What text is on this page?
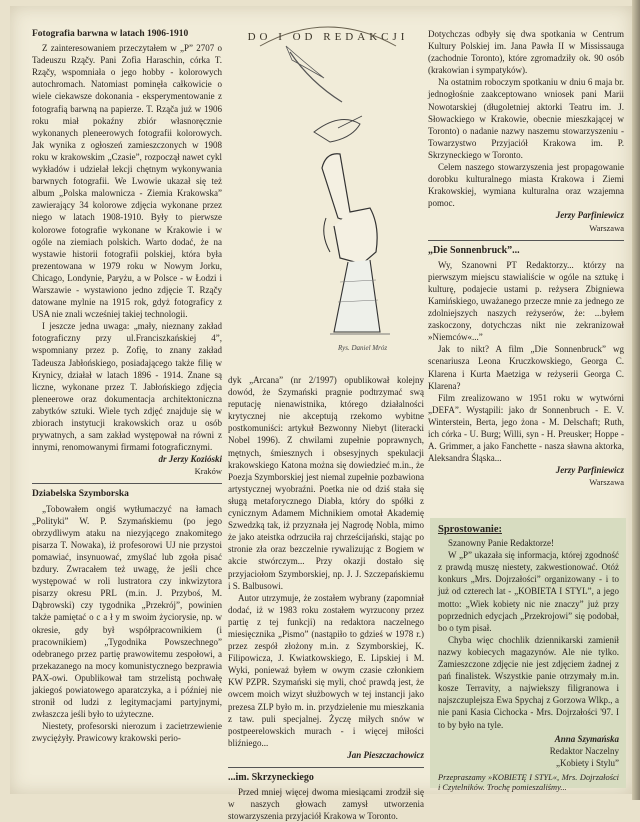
DO I OD REDAKCJI
Rys. Daniel Mróz
Fotografia barwna w latach 1906-1910

Z zainteresowaniem przeczytałem w „P” 2707 o Tadeuszu Rząčy. Pani Zofia Haraschin, córka T. Rząčy, wspomniała o jego hobby - kolorowych autochromach. Natomiast pominęła całkowicie o wiele ciekawsze dokonania - eksperymentowanie z fotografią barwną na papierze. T. Rząča już w 1906 roku miał pokaźny zbiór własnoręcznie wykonanych pleneerowych fotografii kolorowych. Jak wynika z ogłoszeń zamieszczonych w 1908 roku w krakowskim „Czasie”, rozpoczął nawet cykl wykładów i udzielał lekcji chętnym wykonywania barwnych fotografii. We Lwowie ukazał się też album „Polska malownicza - Ziemia Krakowska” zawierający 34 kolorowe zdjęcia wykonane przez niego w latach 1908-1910. Były to pierwsze kolorowe fotografie wykonane w Krakowie i w ogóle na ziemiach polskich. Warto dodać, że na wystawie historii fotografii polskiej, która była prezentowana w 1979 roku w Nowym Jorku, Chicago, Londynie, Paryżu, a w Polsce - w Łodzi i Warszawie - wystawiono jedno zdjęcie T. Rząčy datowane mylnie na 1915 rok, gdyż fotograficy z USA nie znali wcześniej takiej technologii.

I jeszcze jedna uwaga: „mały, nieznany zakład fotograficzny przy ul.Franciszkańskiej 4”, wspomniany przez p. Zofię, to znany zakład Tadeusza Jabłońskiego, posiadającego także filię w Krynicy, działał w latach 1896 - 1914. Znane są liczne, wykonane przez T. Jabłońskiego zdjęcia pleneerowe oraz dokumentacja architektoniczna zabytków sztuki. Wiele tych zdjęć znajduje się w zbiorach instytucji krakowskich oraz u osób prywatnych, a sam zakład występował na równi z innymi, renomowanymi firmami fotograficznymi.

dr Jerzy Kozióski
Kraków
Dziabelska Szymborska

„Tobowałem ongiś wytłumaczyć na łamach „Polityki” W. P. Szymańskiemu (po jego obrzydliwym ataku na niezyjącego znakomitego pisarza T. Nowaka), iż profesorowi UJ nie przystoi pomawiać, insynuować, zmyślać lub zgoła pisać bzdury. Zwracałem też uwagę, że jeśli chce występować w roli lustratora czy inkwizytora pisarzy okresu PRL (m.in. J. Przyboś, M. Dąbrowski) czy tygodnika „Przekrój”, powinien także pamiętać o c a ł y m swoim życiorysie, np. w okresie, gdy był współpracownikiem (i pracownikiem) „Tygodnika Powszechnego” odebranego przez partię prawowitemu zespołowi, a przekazanego na mocy komunistycznego bezprawia PAX-owi. Opublikował tam strzelistą pochwałę jakiegoś powiatowego aparatczyka, a i później nie stronił od ludzi z legitymacjami partyjnymi, zwłaszcza jeśli było to użyteczne.

Niestety, profesorski nierozum i zacietrzewienie zwyciężyły. Prawicowy krakowski perio-

dyk „Arcana” (nr 2/1997) opublikował kolejny dowód, że Szymański pragnie podtrzymać swą reputację nienawistnika, którego działalności krytycznej nie akceptują rzekomo wybitne postkomuniści: artykuł Bezwonny Niebyt (literacki Nobel 1996). Z chwilami zupełnie poprawnych, mętnych, śmiesznych i obsesyjnych spekulacji krakowskiego Katona można się dowiedzieć m.in., że Poezja Szymborskiej jest niemal zupełnie pozbawiona artystycznej wyobraźni. Poetka nie od dziś stała się sługą metaforycznego Diabła, który do spółki z cynicznym Adamem Michnikiem omotał Akademię Szwedzką tak, iż przyznała jej Nagrodę Nobla, mimo że jako ateistka odrzuciła raj chrześcijański, stając po stronie zła oraz bezczelnie rywalizując z Bogiem w akcie stwórczym... Przy okazji dostało się przyjaciołom Szymborskiej, np. J. J. Szczepańskiemu i S. Balbusowi.

Autor utrzymuje, że zostałem wybrany (zapomniał dodać, iż w 1983 roku zostałem wyrzucony przez partię z tej funkcji) na redaktora naczelnego miesięcznika „Pismo” (nastąpiło to gdzieś w 1978 r.) przez zespół złożony m.in. z Szymborskiej, K. Filipowicza, J. Kwiatkowskiego, E. Lipskiej i M. Wyki, ponieważ byłem w owym czasie członkiem KW PZPR. Szymański się myli, choć prawdą jest, że owcem moich wizyt służbowych w tej instancji jako prezesa ZLP było m. in. przydzielenie mu mieszkania z taw. puli specjalnej. Życzę miłych snów w postpeerelowskich murach - i więcej miłości bliźniego...

Jan Pieszczachowicz
...im. Skrzyneckiego

Przed mniej więcej dwoma miesiącami zrodził się w naszych głowach zamysł utworzenia stowarzyszenia przyjaciół Krakowa w Toronto.

Dotychczas odbyły się dwa spotkania w Centrum Kultury Polskiej im. Jana Pawła II w Mississauga (zachodnie Toronto), które zgromadziły ok. 90 osób (krakowian i sympatyków).

Na ostatnim roboczym spotkaniu w dniu 6 maja br. jednogłośnie zaakceptowano wniosek pani Marii Nowotarskiej (długoletniej aktorki Teatru im. J. Słowackiego w Krakowie, obecnie mieszkającej w Toronto) o nadanie nazwy naszemu stowarzyszeniu - Towarzystwo Przyjaciół Krakowa im. P. Skrzyneckiego w Toronto.

Celem naszego stowarzyszenia jest propagowanie dorobku kulturalnego miasta Krakowa i Ziemi Krakowskiej, wymiana kulturalna oraz wzajemna pomoc.

Jerzy Parfiniewicz
Warszawa
„Die Sonnenbruck”...

Wy, Szanowni PT Redaktorzy... którzy na pierwszym miejscu stawialiście w ogóle na sztukę i kulturę, podajecie ustami p. reżysera Zbigniewa Kamińskiego, uważanego przecze mnie za jednego ze zdolniejszych naszych reżyserów, że: ...byłem zaskoczony, dotychczas nikt nie zekranizował »Niemców«...”

Jak to nikt? A film „Die Sonnenbruck” wg scenariusza Leona Kruczkowskiego, Georga C. Klarena i Kurta Maetziga w reżyserii Georga C. Klarena?

Film zrealizowano w 1951 roku w wytwórni „DEFA”. Wystąpili: jako dr Sonnenbruch - E. V. Winterstein, Berta, jego żona - M. Delschaft; Ruth, ich córka - U. Burg; Willi, syn - H. Preusker; Hoppe - A. Grimmer, a jako Fanchette - nasza sławna aktorka, Aleksandra Śląska...

Jerzy Parfiniewicz
Warszawa
Sprostowanie:

Szanowny Panie Redaktorze!

W „P” ukazała się informacja, której zgodność z prawdą muszę niestety, zakwestionować. Otóż konkurs „Mrs. Dojrzałości” organizowany - i to już od czterech lat - „KOBIETA I STYL”, a jego motto: „Wiek kobiety nic nie znaczy” już przy poprzednich edycjach „Przekrojowi” się podobał, bo o tym pisał.

Chyba więc chochlik dziennikarski zamienił nazwy kobiecych magazynów. Ale nie tylko. Zamieszczone zdjęcie nie jest zdjęciem żadnej z pań finalistek. Wszystkie panie otrzymały m.in. kosze Terravity, a najwiekszy filigranowa i najszczuplejsza Ewa Spychaj z Gorzowa Wlkp., a nie pani Kasia Cichocka - Mrs. Dojrzałości '97. I to by było na tyle.

Anna Szymańska
Redaktor Naczelny
„Kobiety i Stylu”

Przepraszamy »KOBIETĘ I STYL«, Mrs. Dojrzałości i Czytelników. Trochę pomieszaliśmy...
